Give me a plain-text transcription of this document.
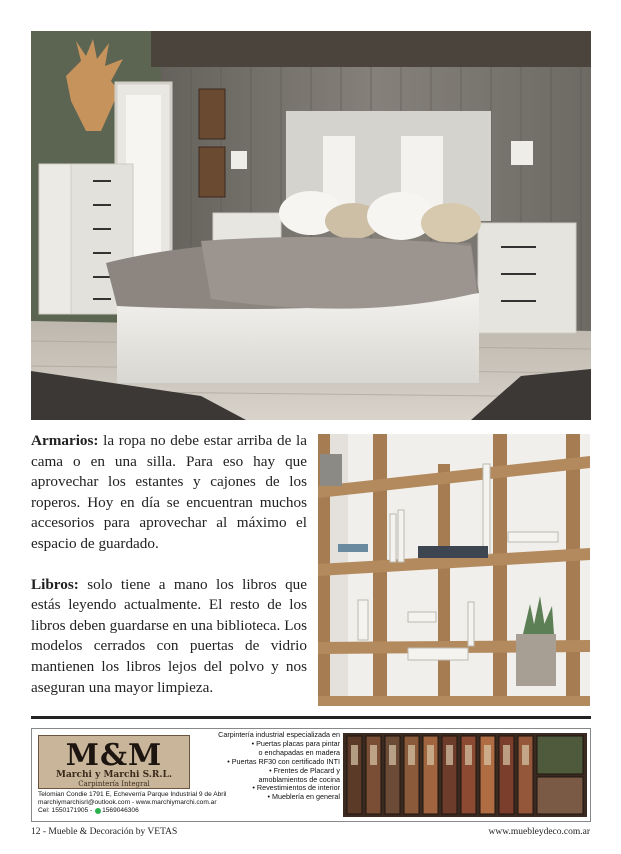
Armarios: la ropa no debe estar arriba de la cama o en una silla. Para eso hay que aprovechar los estantes y cajones de los roperos. Hoy en día se encuentran muchos accesorios para aprovechar al máximo el espacio de guardado.

Libros: solo tiene a mano los libros que estás leyendo actualmente. El resto de los libros deben guardarse en una biblioteca. Los modelos cerrados con puertas de vidrio mantienen los libros lejos del polvo y nos aseguran una mayor limpieza.

M&M
Marchi y Marchi S.R.L.
Carpintería Integral
Telomian Condie 1791 E, Echeverría Parque Industrial 9 de Abril
marchiymarchisrl@outlook.com - www.marchiymarchi.com.ar
Cel: 1550171905 - 1569046306
Carpintería industrial especializada en
• Puertas placas para pintar
o enchapadas en madera
• Puertas RF30 con certificado INTI
• Frentes de Placard y
amoblamientos de cocina
• Revestimientos de interior
• Mueblería en general
12 - Mueble & Decoración by VETAS	www.muebleydeco.com.ar
